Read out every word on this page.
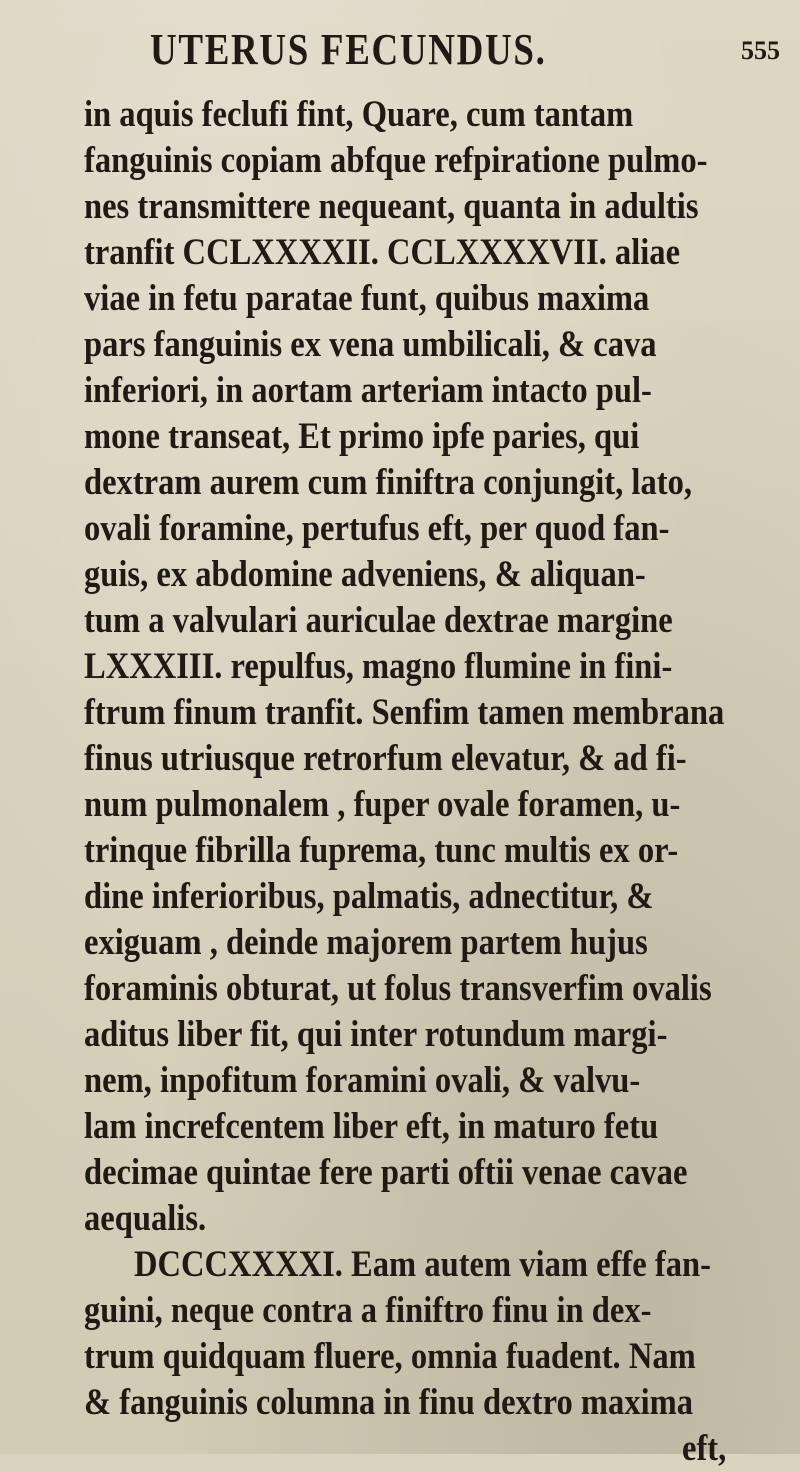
UTERUS FECUNDUS.	555
in aquis feclufi fint, Quare, cum tantam
fanguinis copiam abfque refpiratione pulmo-
nes transmittere nequeant, quanta in adultis
tranfit CCLXXXXII. CCLXXXXVII. aliae
viae in fetu paratae funt, quibus maxima
pars fanguinis ex vena umbilicali, & cava
inferiori, in aortam arteriam intacto pul-
mone transeat, Et primo ipfe paries, qui
dextram aurem cum finiftra conjungit, lato,
ovali foramine, pertufus eft, per quod fan-
guis, ex abdomine adveniens, & aliquan-
tum a valvulari auriculae dextrae margine
LXXXIII. repulfus, magno flumine in fini-
ftrum finum tranfit. Senfim tamen membrana
finus utriusque retrorfum elevatur, & ad fi-
num pulmonalem , fuper ovale foramen, u-
trinque fibrilla fuprema, tunc multis ex or-
dine inferioribus, palmatis, adnectitur, &
exiguam , deinde majorem partem hujus
foraminis obturat, ut folus transverfim ovalis
aditus liber fit, qui inter rotundum margi-
nem, inpofitum foramini ovali, & valvu-
lam increfcentem liber eft, in maturo fetu
decimae quintae fere parti oftii venae cavae
aequalis.
DCCCXXXXI. Eam autem viam effe fan-
guini, neque contra a finiftro finu in dex-
trum quidquam fluere, omnia fuadent. Nam
& fanguinis columna in finu dextro maxima
eft,
